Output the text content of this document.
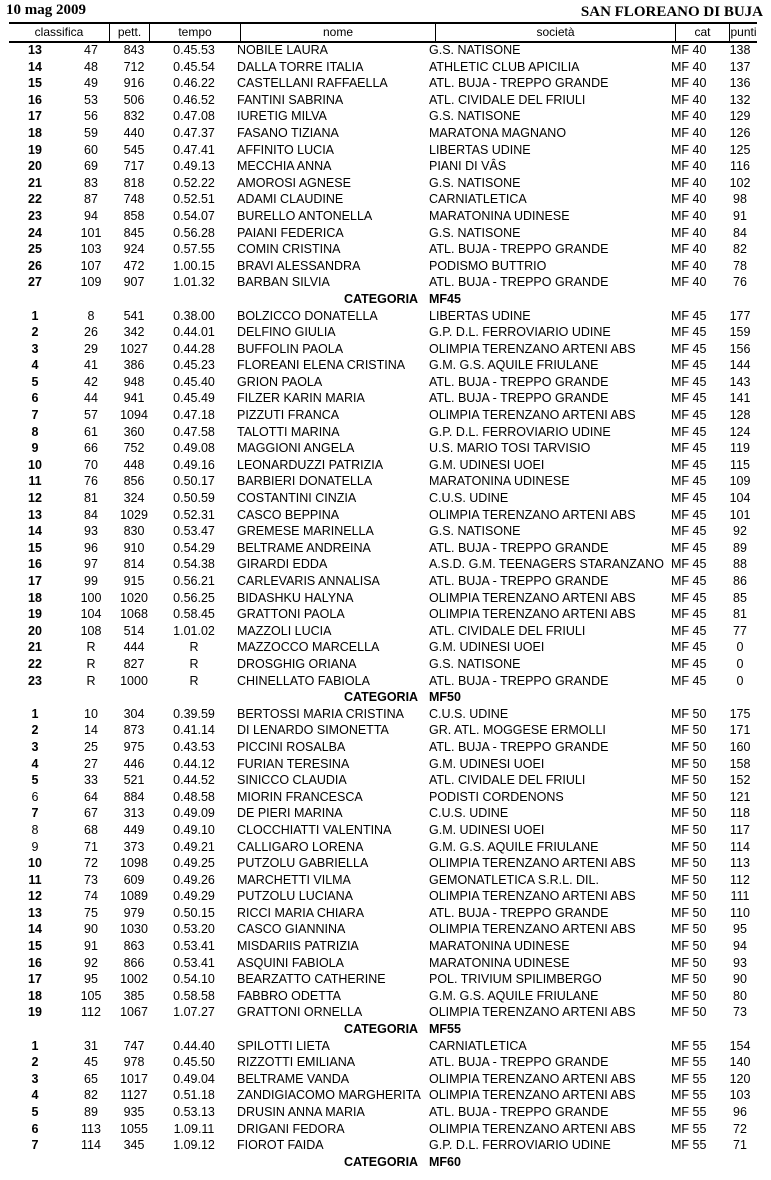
10 mag 2009	SAN FLOREANO DI BUJA
classifica	pett.	tempo	nome	società	cat	punti
13	47	843	0.45.53	NOBILE LAURA	G.S. NATISONE	MF 40	138
14	48	712	0.45.54	DALLA TORRE ITALIA	ATHLETIC CLUB APICILIA	MF 40	137
15	49	916	0.46.22	CASTELLANI RAFFAELLA	ATL. BUJA - TREPPO GRANDE	MF 40	136
16	53	506	0.46.52	FANTINI SABRINA	ATL. CIVIDALE DEL FRIULI	MF 40	132
17	56	832	0.47.08	IURETIG MILVA	G.S. NATISONE	MF 40	129
18	59	440	0.47.37	FASANO TIZIANA	MARATONA MAGNANO	MF 40	126
19	60	545	0.47.41	AFFINITO LUCIA	LIBERTAS UDINE	MF 40	125
20	69	717	0.49.13	MECCHIA ANNA	PIANI DI VÂS	MF 40	116
21	83	818	0.52.22	AMOROSI AGNESE	G.S. NATISONE	MF 40	102
22	87	748	0.52.51	ADAMI CLAUDINE	CARNIATLETICA	MF 40	98
23	94	858	0.54.07	BURELLO ANTONELLA	MARATONINA UDINESE	MF 40	91
24	101	845	0.56.28	PAIANI FEDERICA	G.S. NATISONE	MF 40	84
25	103	924	0.57.55	COMIN CRISTINA	ATL. BUJA - TREPPO GRANDE	MF 40	82
26	107	472	1.00.15	BRAVI ALESSANDRA	PODISMO BUTTRIO	MF 40	78
27	109	907	1.01.32	BARBAN SILVIA	ATL. BUJA - TREPPO GRANDE	MF 40	76
CATEGORIA MF45
1	8	541	0.38.00	BOLZICCO DONATELLA	LIBERTAS UDINE	MF 45	177
2	26	342	0.44.01	DELFINO GIULIA	G.P. D.L. FERROVIARIO UDINE	MF 45	159
3	29	1027	0.44.28	BUFFOLIN PAOLA	OLIMPIA TERENZANO ARTENI ABS	MF 45	156
4	41	386	0.45.23	FLOREANI ELENA CRISTINA	G.M. G.S. AQUILE FRIULANE	MF 45	144
5	42	948	0.45.40	GRION PAOLA	ATL. BUJA - TREPPO GRANDE	MF 45	143
6	44	941	0.45.49	FILZER KARIN MARIA	ATL. BUJA - TREPPO GRANDE	MF 45	141
7	57	1094	0.47.18	PIZZUTI FRANCA	OLIMPIA TERENZANO ARTENI ABS	MF 45	128
8	61	360	0.47.58	TALOTTI MARINA	G.P. D.L. FERROVIARIO UDINE	MF 45	124
9	66	752	0.49.08	MAGGIONI ANGELA	U.S. MARIO TOSI TARVISIO	MF 45	119
10	70	448	0.49.16	LEONARDUZZI PATRIZIA	G.M. UDINESI UOEI	MF 45	115
11	76	856	0.50.17	BARBIERI DONATELLA	MARATONINA UDINESE	MF 45	109
12	81	324	0.50.59	COSTANTINI CINZIA	C.U.S. UDINE	MF 45	104
13	84	1029	0.52.31	CASCO BEPPINA	OLIMPIA TERENZANO ARTENI ABS	MF 45	101
14	93	830	0.53.47	GREMESE MARINELLA	G.S. NATISONE	MF 45	92
15	96	910	0.54.29	BELTRAME ANDREINA	ATL. BUJA - TREPPO GRANDE	MF 45	89
16	97	814	0.54.38	GIRARDI EDDA	A.S.D. G.M. TEENAGERS STARANZANO MF 45	88
17	99	915	0.56.21	CARLEVARIS ANNALISA	ATL. BUJA - TREPPO GRANDE	MF 45	86
18	100	1020	0.56.25	BIDASHKU HALYNA	OLIMPIA TERENZANO ARTENI ABS	MF 45	85
19	104	1068	0.58.45	GRATTONI PAOLA	OLIMPIA TERENZANO ARTENI ABS	MF 45	81
20	108	514	1.01.02	MAZZOLI LUCIA	ATL. CIVIDALE DEL FRIULI	MF 45	77
21	R	444	R	MAZZOCCO MARCELLA	G.M. UDINESI UOEI	MF 45	0
22	R	827	R	DROSGHIG ORIANA	G.S. NATISONE	MF 45	0
23	R	1000	R	CHINELLATO FABIOLA	ATL. BUJA - TREPPO GRANDE	MF 45	0
CATEGORIA MF50
1	10	304	0.39.59	BERTOSSI MARIA CRISTINA	C.U.S. UDINE	MF 50	175
2	14	873	0.41.14	DI LENARDO SIMONETTA	GR. ATL. MOGGESE ERMOLLI	MF 50	171
3	25	975	0.43.53	PICCINI ROSALBA	ATL. BUJA - TREPPO GRANDE	MF 50	160
4	27	446	0.44.12	FURIAN TERESINA	G.M. UDINESI UOEI	MF 50	158
5	33	521	0.44.52	SINICCO CLAUDIA	ATL. CIVIDALE DEL FRIULI	MF 50	152
6	64	884	0.48.58	MIORIN FRANCESCA	PODISTI CORDENONS	MF 50	121
7	67	313	0.49.09	DE PIERI MARINA	C.U.S. UDINE	MF 50	118
8	68	449	0.49.10	CLOCCHIATTI VALENTINA	G.M. UDINESI UOEI	MF 50	117
9	71	373	0.49.21	CALLIGARO LORENA	G.M. G.S. AQUILE FRIULANE	MF 50	114
10	72	1098	0.49.25	PUTZOLU GABRIELLA	OLIMPIA TERENZANO ARTENI ABS	MF 50	113
11	73	609	0.49.26	MARCHETTI VILMA	GEMONATLETICA S.R.L. DIL.	MF 50	112
12	74	1089	0.49.29	PUTZOLU LUCIANA	OLIMPIA TERENZANO ARTENI ABS	MF 50	111
13	75	979	0.50.15	RICCI MARIA CHIARA	ATL. BUJA - TREPPO GRANDE	MF 50	110
14	90	1030	0.53.20	CASCO GIANNINA	OLIMPIA TERENZANO ARTENI ABS	MF 50	95
15	91	863	0.53.41	MISDARIIS PATRIZIA	MARATONINA UDINESE	MF 50	94
16	92	866	0.53.41	ASQUINI FABIOLA	MARATONINA UDINESE	MF 50	93
17	95	1002	0.54.10	BEARZATTO CATHERINE	POL. TRIVIUM SPILIMBERGO	MF 50	90
18	105	385	0.58.58	FABBRO ODETTA	G.M. G.S. AQUILE FRIULANE	MF 50	80
19	112	1067	1.07.27	GRATTONI ORNELLA	OLIMPIA TERENZANO ARTENI ABS	MF 50	73
CATEGORIA MF55
1	31	747	0.44.40	SPILOTTI LIETA	CARNIATLETICA	MF 55	154
2	45	978	0.45.50	RIZZOTTI EMILIANA	ATL. BUJA - TREPPO GRANDE	MF 55	140
3	65	1017	0.49.04	BELTRAME VANDA	OLIMPIA TERENZANO ARTENI ABS	MF 55	120
4	82	1127	0.51.18	ZANDIGIACOMO MARGHERITA OLIMPIA TERENZANO ARTENI ABS	MF 55	103
5	89	935	0.53.13	DRUSIN ANNA MARIA	ATL. BUJA - TREPPO GRANDE	MF 55	96
6	113	1055	1.09.11	DRIGANI FEDORA	OLIMPIA TERENZANO ARTENI ABS	MF 55	72
7	114	345	1.09.12	FIOROT FAIDA	G.P. D.L. FERROVIARIO UDINE	MF 55	71
CATEGORIA MF60
